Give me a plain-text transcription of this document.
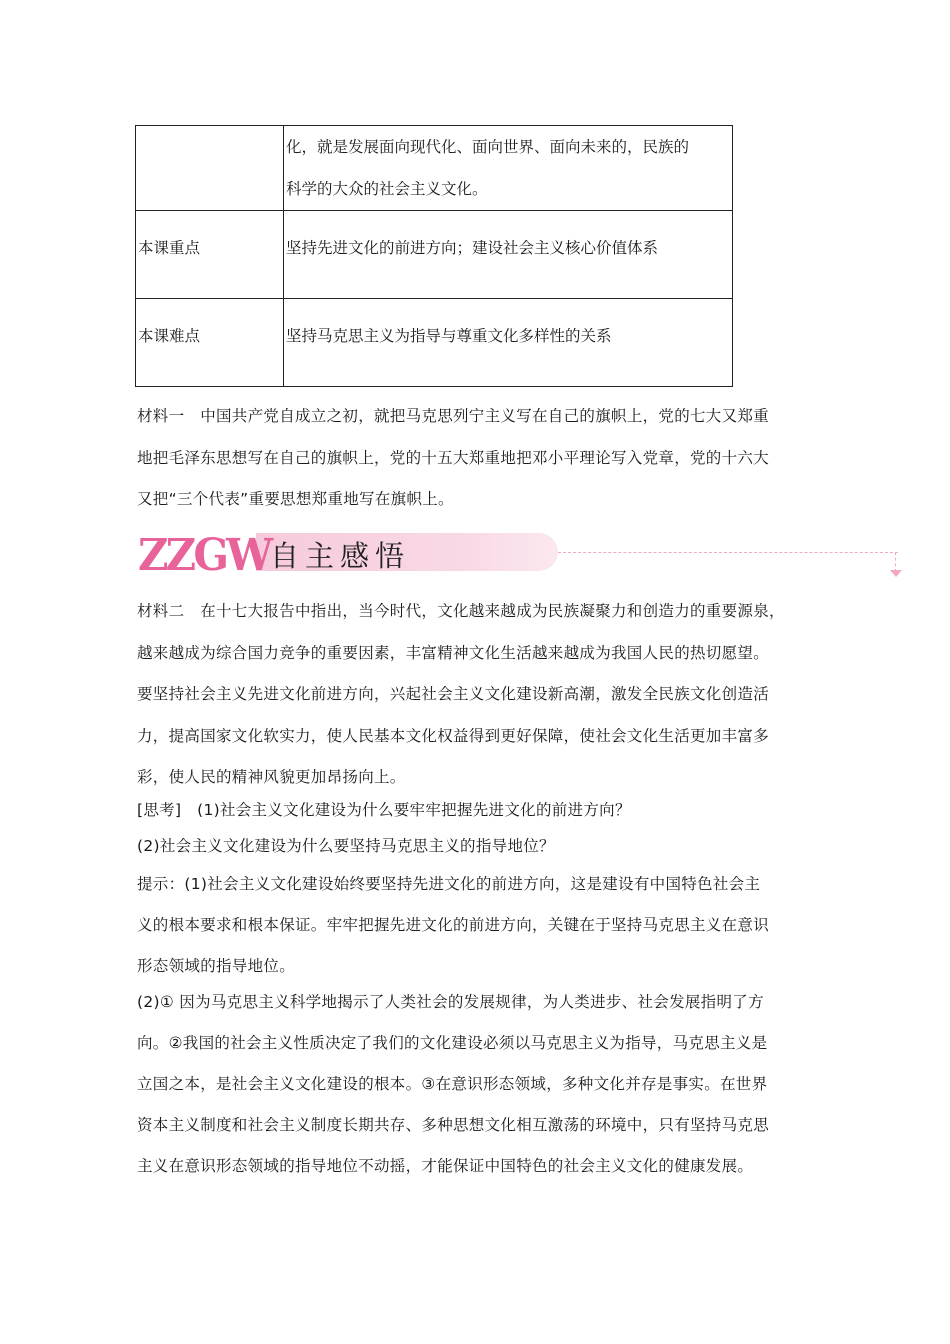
	化，就是发展面向现代化、面向世界、面向未来的，民族的
科学的大众的社会主义文化。

本课重点	坚持先进文化的前进方向；建设社会主义核心价值体系

本课难点	坚持马克思主义为指导与尊重文化多样性的关系
材料一　中国共产党自成立之初，就把马克思列宁主义写在自己的旗帜上，党的七大又郑重
地把毛泽东思想写在自己的旗帜上，党的十五大郑重地把邓小平理论写入党章，党的十六大
又把“三个代表”重要思想郑重地写在旗帜上。
ZZGW 自主感悟
材料二　在十七大报告中指出，当今时代，文化越来越成为民族凝聚力和创造力的重要源泉，
越来越成为综合国力竞争的重要因素，丰富精神文化生活越来越成为我国人民的热切愿望。
要坚持社会主义先进文化前进方向，兴起社会主义文化建设新高潮，激发全民族文化创造活
力，提高国家文化软实力，使人民基本文化权益得到更好保障，使社会文化生活更加丰富多
彩，使人民的精神风貌更加昂扬向上。
[思考]　(1)社会主义文化建设为什么要牢牢把握先进文化的前进方向？
(2)社会主义文化建设为什么要坚持马克思主义的指导地位？
提示：(1)社会主义文化建设始终要坚持先进文化的前进方向，这是建设有中国特色社会主
义的根本要求和根本保证。牢牢把握先进文化的前进方向，关键在于坚持马克思主义在意识
形态领域的指导地位。
(2)① 因为马克思主义科学地揭示了人类社会的发展规律，为人类进步、社会发展指明了方
向。②我国的社会主义性质决定了我们的文化建设必须以马克思主义为指导，马克思主义是
立国之本，是社会主义文化建设的根本。③在意识形态领域，多种文化并存是事实。在世界
资本主义制度和社会主义制度长期共存、多种思想文化相互激荡的环境中，只有坚持马克思
主义在意识形态领域的指导地位不动摇，才能保证中国特色的社会主义文化的健康发展。
